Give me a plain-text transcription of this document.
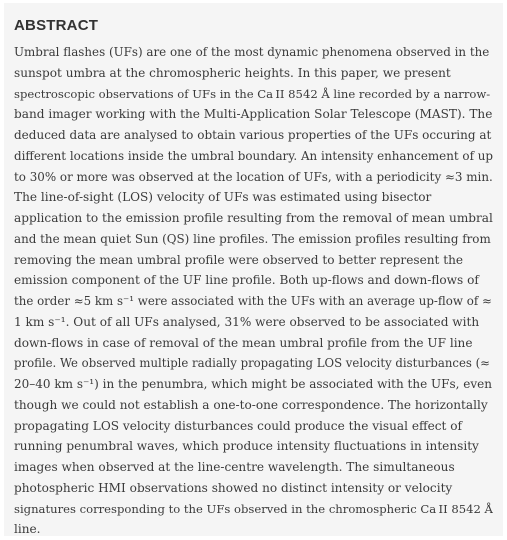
ABSTRACT
Umbral flashes (UFs) are one of the most dynamic phenomena observed in the
sunspot umbra at the chromospheric heights. In this paper, we present
spectroscopic observations of UFs in the Ca II 8542 Å line recorded by a narrow-
band imager working with the Multi-Application Solar Telescope (MAST). The
deduced data are analysed to obtain various properties of the UFs occuring at
different locations inside the umbral boundary. An intensity enhancement of up
to 30% or more was observed at the location of UFs, with a periodicity ≈3 min.
The line-of-sight (LOS) velocity of UFs was estimated using bisector
application to the emission profile resulting from the removal of mean umbral
and the mean quiet Sun (QS) line profiles. The emission profiles resulting from
removing the mean umbral profile were observed to better represent the
emission component of the UF line profile. Both up-flows and down-flows of
the order ≈5 km s⁻¹ were associated with the UFs with an average up-flow of ≈
1 km s⁻¹. Out of all UFs analysed, 31% were observed to be associated with
down-flows in case of removal of the mean umbral profile from the UF line
profile. We observed multiple radially propagating LOS velocity disturbances (≈
20–40 km s⁻¹) in the penumbra, which might be associated with the UFs, even
though we could not establish a one-to-one correspondence. The horizontally
propagating LOS velocity disturbances could produce the visual effect of
running penumbral waves, which produce intensity fluctuations in intensity
images when observed at the line-centre wavelength. The simultaneous
photospheric HMI observations showed no distinct intensity or velocity
signatures corresponding to the UFs observed in the chromospheric Ca II 8542 Å
line.
